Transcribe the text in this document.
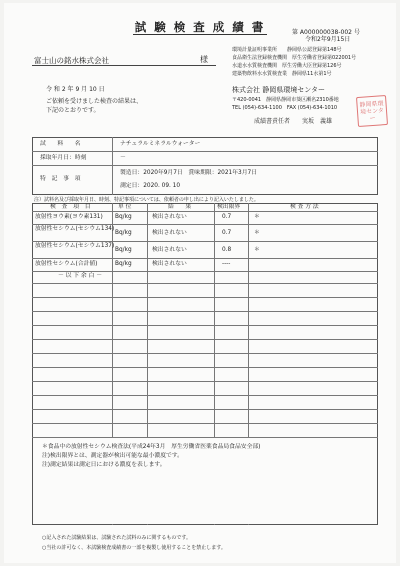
試 験 検 査 成 績 書	第 A000000038-002 号
令和2年9月15日
富士山の銘水株式会社	様
令 和 2 年 9 月 10 日
ご依頼を受けました検査の結果は、
下記のとおりです。
環境計量証明事業所　　静岡県公認登録第148号
食品衛生法登録検査機関　厚生労働省登録第022001号
水道水水質検査機関　厚生労働大臣登録第126号
建築物飲料水水質検査業　静岡県11水第1号
株式会社 静岡県環境センター
〒420-0041　静岡県静岡市葵区瀬名2310番地
TEL (054)-634-1100　FAX (054)-634-1010
成績書責任者　　実坂　義雄
静岡県環境センター
試　　料　　名	ナチュラルミネラルウォーター
採取年月日：時刻	－
特　記　事　項
製造日：2020年9月7日　賞味期限：2021年3月7日
測定日：2020. 09. 10
注）試料名及び採取年月日、時刻、特記事項については、依頼者の申し出により記入いたしました。
検　査　項　目	単 位	結　　果	検出限界	検 査 方 法
放射性ヨウ素(ヨウ素131) Bq/kg	検出されない	0.7	＊
放射性セシウム(セシウム134)
Bq/kg	検出されない	0.7	＊
放射性セシウム(セシウム137)
Bq/kg	検出されない	0.8	＊
放射性セシウム(合計値)	Bq/kg	検出されない	----
－ 以 下 余 白 －
＊食品中の放射性セシウム検査法(平成24年3月　厚生労働省医薬食品局食品安全部)
注)検出限界とは、測定器が検出可能な最小濃度です。
注)測定結果は測定日における濃度を表します。
○記入された試験結果は、試験された試料のみに関するものです。
○当社の許可なく、本試験検査成績書の一部を複製し使用することを禁止します。
